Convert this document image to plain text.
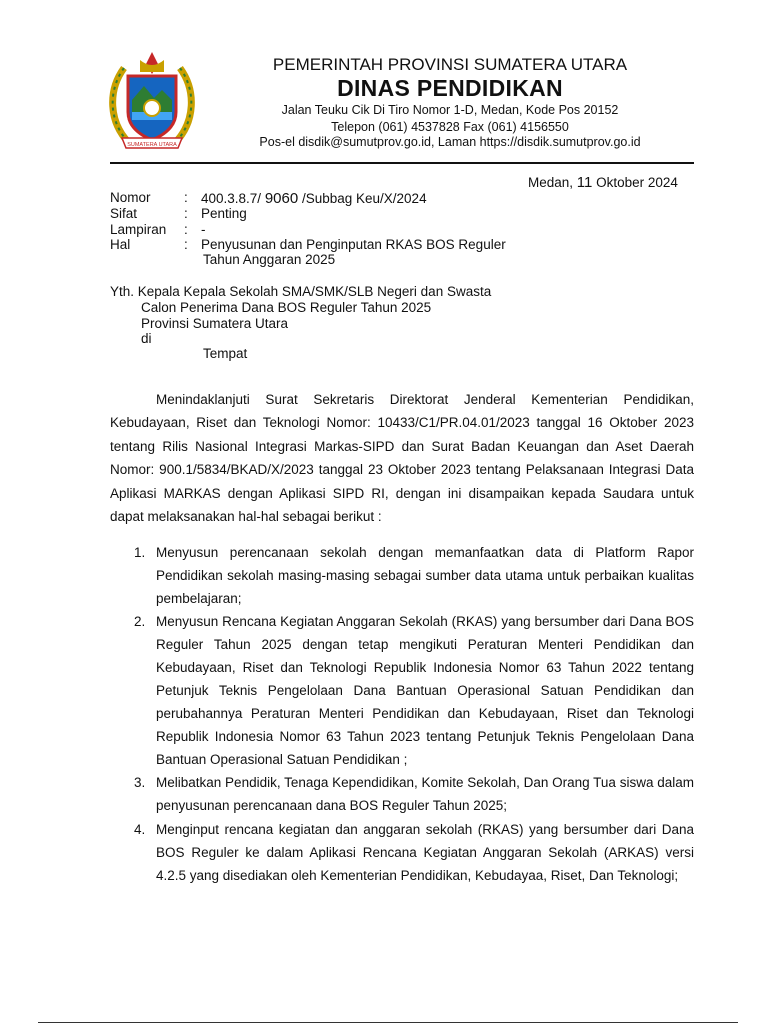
SUMATERA UTARA
PEMERINTAH PROVINSI SUMATERA UTARA
DINAS PENDIDIKAN
Jalan Teuku Cik Di Tiro Nomor 1-D, Medan, Kode Pos 20152
Telepon (061) 4537828 Fax (061) 4156550
Pos-el disdik@sumutprov.go.id, Laman https://disdik.sumutprov.go.id
Medan, 11 Oktober 2024
Nomor : 400.3.8.7/ 9060 /Subbag Keu/X/2024
Sifat	: Penting
Lampiran : -
Hal	: Penyusunan dan Penginputan RKAS BOS Reguler
Tahun Anggaran 2025
Yth. Kepala Kepala Sekolah SMA/SMK/SLB Negeri dan Swasta
Calon Penerima Dana BOS Reguler Tahun 2025
Provinsi Sumatera Utara
di
Tempat

Menindaklanjuti Surat Sekretaris Direktorat Jenderal Kementerian Pendidikan, Kebudayaan, Riset dan Teknologi Nomor: 10433/C1/PR.04.01/2023 tanggal 16 Oktober 2023 tentang Rilis Nasional Integrasi Markas-SIPD dan Surat Badan Keuangan dan Aset Daerah Nomor: 900.1/5834/BKAD/X/2023 tanggal 23 Oktober 2023 tentang Pelaksanaan Integrasi Data Aplikasi MARKAS dengan Aplikasi SIPD RI, dengan ini disampaikan kepada Saudara untuk dapat melaksanakan hal-hal sebagai berikut :

1. Menyusun perencanaan sekolah dengan memanfaatkan data di Platform Rapor Pendidikan sekolah masing-masing sebagai sumber data utama untuk perbaikan kualitas pembelajaran;

2. Menyusun Rencana Kegiatan Anggaran Sekolah (RKAS) yang bersumber dari Dana BOS Reguler Tahun 2025 dengan tetap mengikuti Peraturan Menteri Pendidikan dan Kebudayaan, Riset dan Teknologi Republik Indonesia Nomor 63 Tahun 2022 tentang Petunjuk Teknis Pengelolaan Dana Bantuan Operasional Satuan Pendidikan dan perubahannya Peraturan Menteri Pendidikan dan Kebudayaan, Riset dan Teknologi Republik Indonesia Nomor 63 Tahun 2023 tentang Petunjuk Teknis Pengelolaan Dana Bantuan Operasional Satuan Pendidikan ;

3. Melibatkan Pendidik, Tenaga Kependidikan, Komite Sekolah, Dan Orang Tua siswa dalam penyusunan perencanaan dana BOS Reguler Tahun 2025;

4. Menginput rencana kegiatan dan anggaran sekolah (RKAS) yang bersumber dari Dana BOS Reguler ke dalam Aplikasi Rencana Kegiatan Anggaran Sekolah (ARKAS) versi 4.2.5 yang disediakan oleh Kementerian Pendidikan, Kebudayaa, Riset, Dan Teknologi;
